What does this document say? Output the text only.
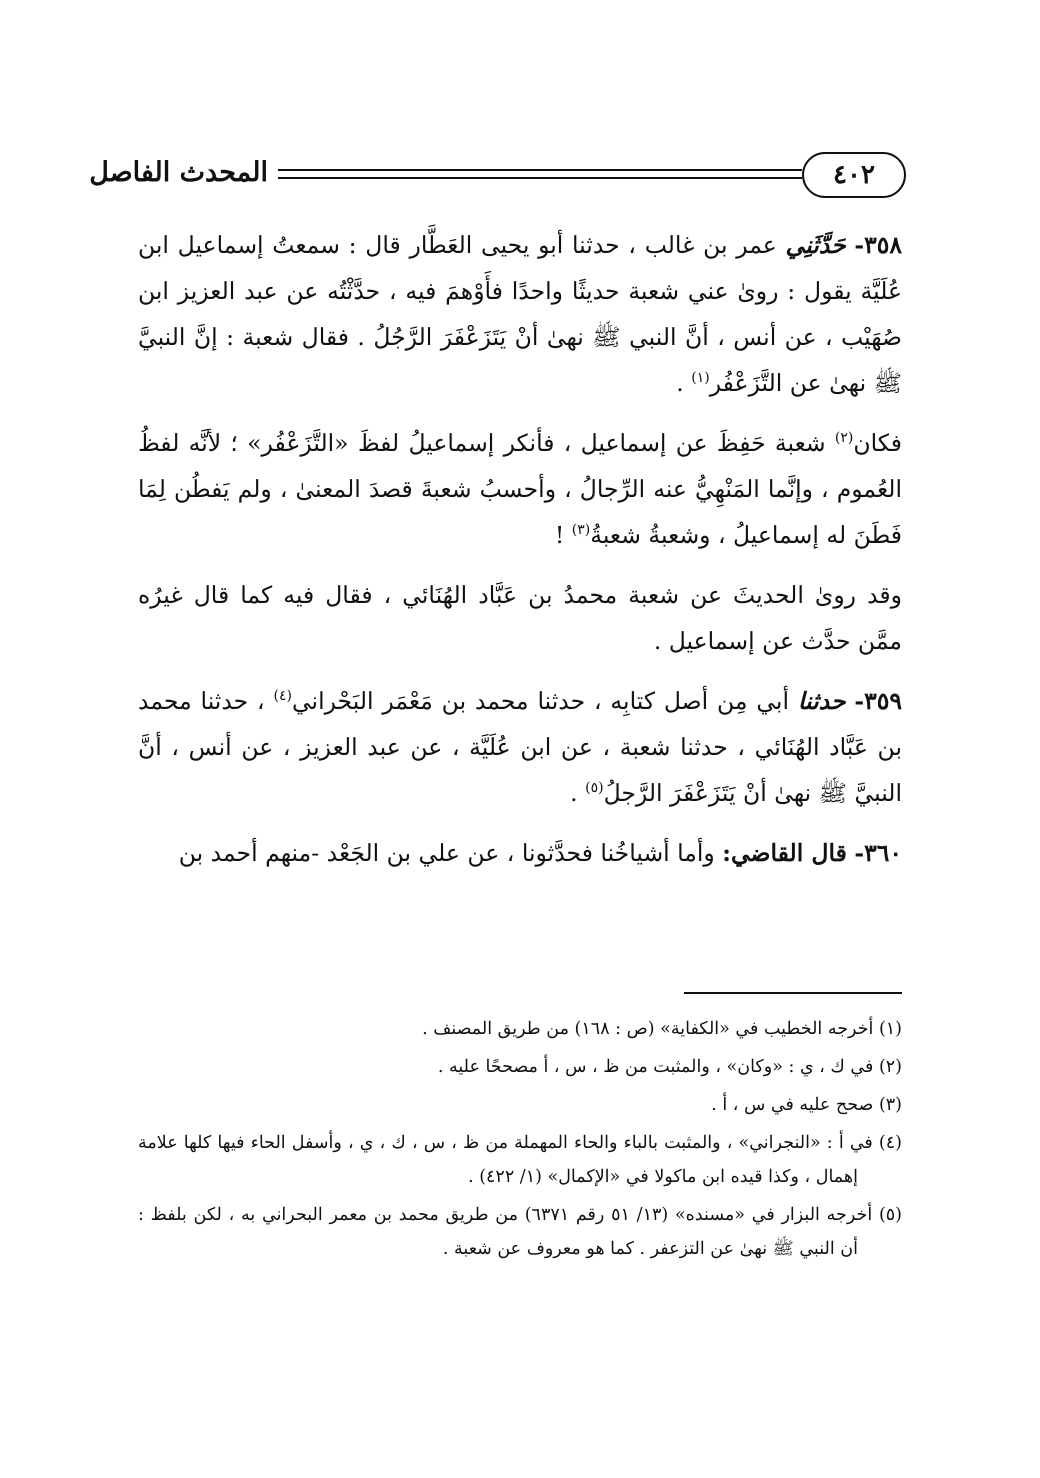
٤٠٢
المحدث الفاصل

٣٥٨- حَدَّثَنِي عمر بن غالب ، حدثنا أبو يحيى العَطَّار قال : سمعتُ إسماعيل ابن عُلَيَّة يقول : روىٰ عني شعبة حديثًا واحدًا فأَوْهمَ فيه ، حدَّثْتُه عن عبد العزيز ابن صُهَيْب ، عن أنس ، أنَّ النبي ﷺ نهىٰ أنْ يَتَزَعْفَرَ الرَّجُلُ . فقال شعبة : إنَّ النبيَّ ﷺ نهىٰ عن التَّزَعْفُر$^{(١)}$ .

فكان$^{(٢)}$ شعبة حَفِظَ عن إسماعيل ، فأنكر إسماعيلُ لفظَ «التَّزَعْفُر» ؛ لأنَّه لفظُ العُموم ، وإنَّما المَنْهِيُّ عنه الرِّجالُ ، وأحسبُ شعبةَ قصدَ المعنىٰ ، ولم يَفطُن لِمَا فَطَنَ له إسماعيلُ ، وشعبةُ شعبةُ$^{(٣)}$ !

وقد روىٰ الحديثَ عن شعبة محمدُ بن عَبَّاد الهُنَائي ، فقال فيه كما قال غيرُه ممَّن حدَّث عن إسماعيل .

٣٥٩- حدثنا أبي مِن أصل كتابِه ، حدثنا محمد بن مَعْمَر البَحْراني$^{(٤)}$ ، حدثنا محمد بن عَبَّاد الهُنَائي ، حدثنا شعبة ، عن ابن عُلَيَّة ، عن عبد العزيز ، عن أنس ، أنَّ النبيَّ ﷺ نهىٰ أنْ يَتَزَعْفَرَ الرَّجلُ$^{(٥)}$ .

٣٦٠- قال القاضي: وأما أشياخُنا فحدَّثونا ، عن علي بن الجَعْد -منهم أحمد بن

(١) أخرجه الخطيب في «الكفاية» (ص : ١٦٨) من طريق المصنف .
(٢) في ك ، ي : «وكان» ، والمثبت من ظ ، س ، أ مصححًا عليه .
(٣) صحح عليه في س ، أ .
(٤) في أ : «النجراني» ، والمثبت بالباء والحاء المهملة من ظ ، س ، ك ، ي ، وأسفل الحاء فيها كلها علامة إهمال ، وكذا قيده ابن ماكولا في «الإكمال» (١/ ٤٢٢) .
(٥) أخرجه البزار في «مسنده» (١٣/ ٥١ رقم ٦٣٧١) من طريق محمد بن معمر البحراني به ، لكن بلفظ : أن النبي ﷺ نهىٰ عن التزعفر . كما هو معروف عن شعبة .
